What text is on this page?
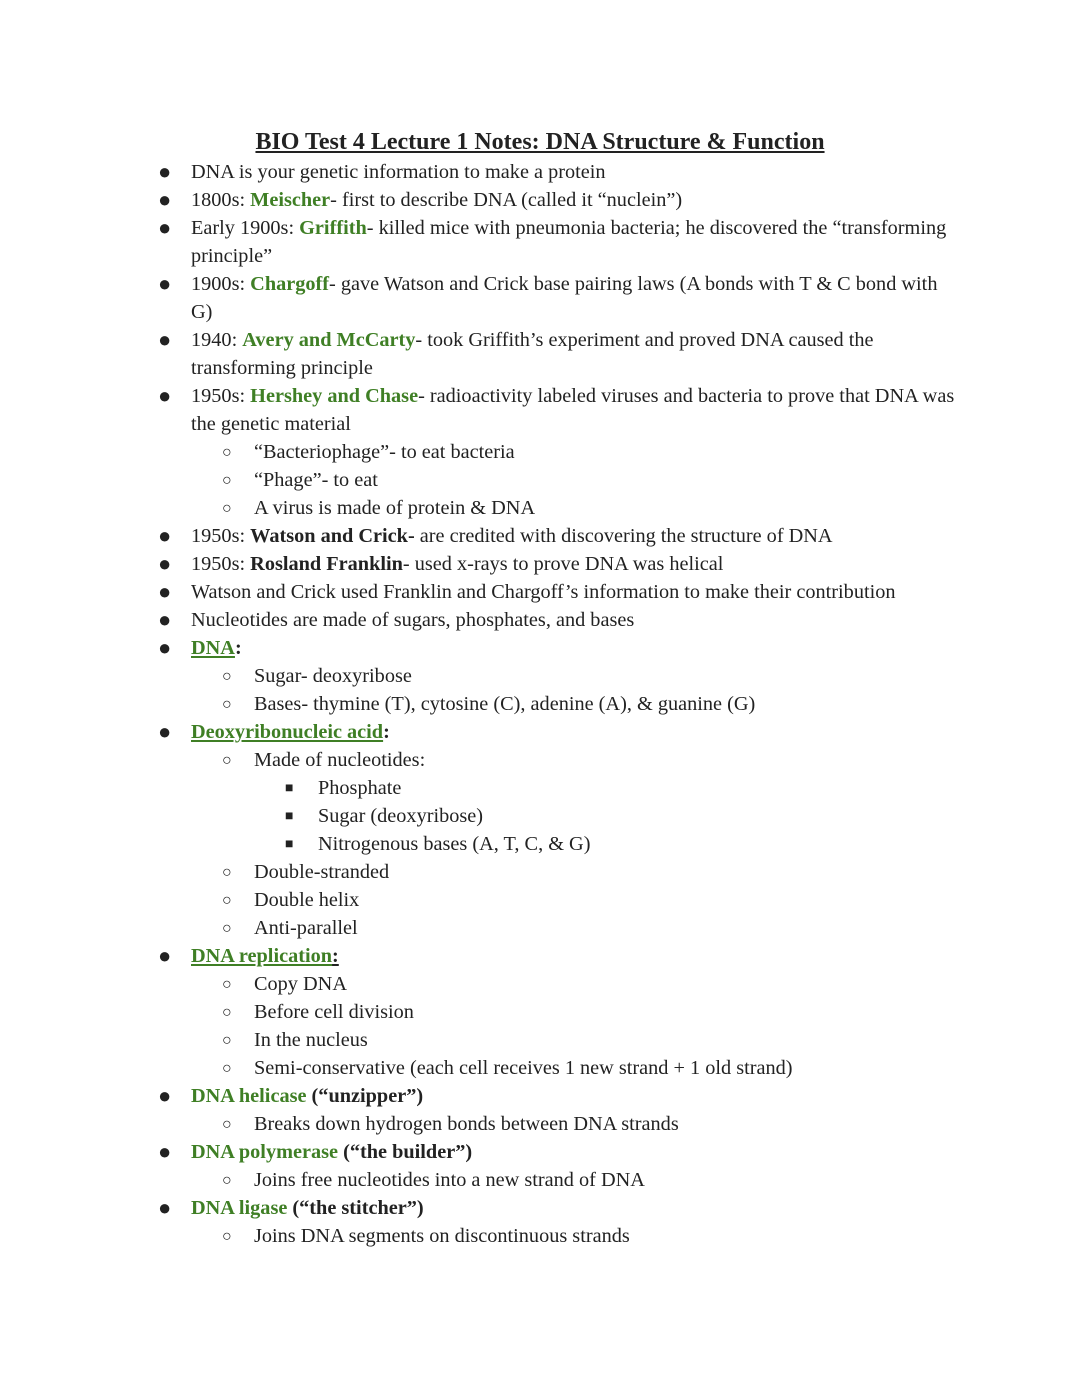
BIO Test 4 Lecture 1 Notes: DNA Structure & Function
● DNA is your genetic information to make a protein
● 1800s: Meischer- first to describe DNA (called it “nuclein”)
● Early 1900s: Griffith- killed mice with pneumonia bacteria; he discovered the “transforming principle”
● 1900s: Chargoff- gave Watson and Crick base pairing laws (A bonds with T & C bond with G)
● 1940: Avery and McCarty- took Griffith’s experiment and proved DNA caused the transforming principle
● 1950s: Hershey and Chase- radioactivity labeled viruses and bacteria to prove that DNA was the genetic material
○ “Bacteriophage”- to eat bacteria
○ “Phage”- to eat
○ A virus is made of protein & DNA
● 1950s: Watson and Crick- are credited with discovering the structure of DNA
● 1950s: Rosland Franklin- used x-rays to prove DNA was helical
● Watson and Crick used Franklin and Chargoff’s information to make their contribution
● Nucleotides are made of sugars, phosphates, and bases
● DNA:
○ Sugar- deoxyribose
○ Bases- thymine (T), cytosine (C), adenine (A), & guanine (G)
● Deoxyribonucleic acid:
○ Made of nucleotides:
■ Phosphate
■ Sugar (deoxyribose)
■ Nitrogenous bases (A, T, C, & G)
○ Double-stranded
○ Double helix
○ Anti-parallel
● DNA replication:
○ Copy DNA
○ Before cell division
○ In the nucleus
○ Semi-conservative (each cell receives 1 new strand + 1 old strand)
● DNA helicase (“unzipper”)
○ Breaks down hydrogen bonds between DNA strands
● DNA polymerase (“the builder”)
○ Joins free nucleotides into a new strand of DNA
● DNA ligase (“the stitcher”)
○ Joins DNA segments on discontinuous strands
